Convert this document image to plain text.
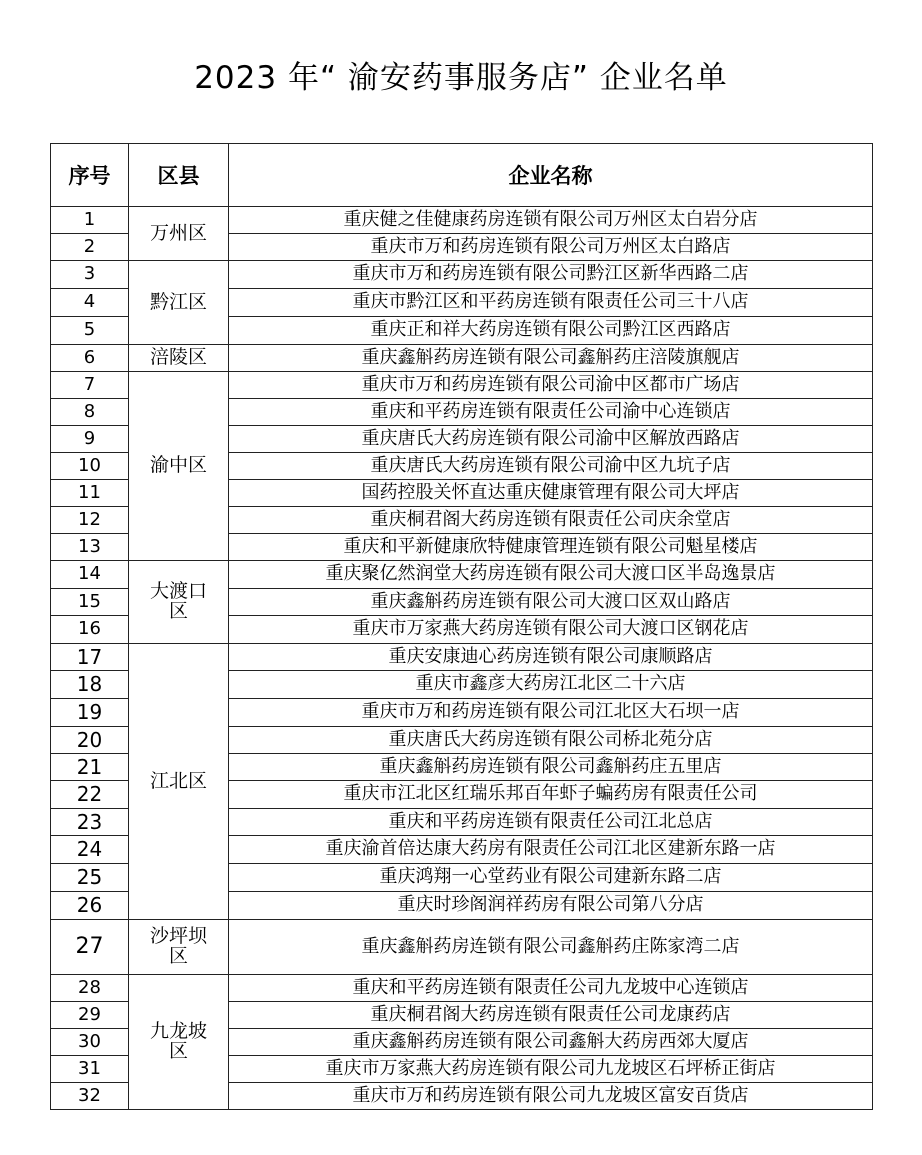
2023 年“ 渝安药事服务店” 企业名单
序号	区县	企业名称
1	万州区	重庆健之佳健康药房连锁有限公司万州区太白岩分店
2		重庆市万和药房连锁有限公司万州区太白路店
3	黔江区	重庆市万和药房连锁有限公司黔江区新华西路二店
4		重庆市黔江区和平药房连锁有限责任公司三十八店
5		重庆正和祥大药房连锁有限公司黔江区西路店
6	涪陵区	重庆鑫斛药房连锁有限公司鑫斛药庄涪陵旗舰店
7	渝中区	重庆市万和药房连锁有限公司渝中区都市广场店
8		重庆和平药房连锁有限责任公司渝中心连锁店
9		重庆唐氏大药房连锁有限公司渝中区解放西路店
10		重庆唐氏大药房连锁有限公司渝中区九坑子店
11		国药控股关怀直达重庆健康管理有限公司大坪店
12		重庆桐君阁大药房连锁有限责任公司庆余堂店
13		重庆和平新健康欣特健康管理连锁有限公司魁星楼店
14	大渡口区	重庆聚亿然润堂大药房连锁有限公司大渡口区半岛逸景店
15		重庆鑫斛药房连锁有限公司大渡口区双山路店
16		重庆市万家燕大药房连锁有限公司大渡口区钢花店
17	江北区	重庆安康迪心药房连锁有限公司康顺路店
18		重庆市鑫彦大药房江北区二十六店
19		重庆市万和药房连锁有限公司江北区大石坝一店
20		重庆唐氏大药房连锁有限公司桥北苑分店
21		重庆鑫斛药房连锁有限公司鑫斛药庄五里店
22		重庆市江北区红瑞乐邦百年虾子蝙药房有限责任公司
23		重庆和平药房连锁有限责任公司江北总店
24		重庆渝首倍达康大药房有限责任公司江北区建新东路一店
25		重庆鸿翔一心堂药业有限公司建新东路二店
26		重庆时珍阁润祥药房有限公司第八分店
27	沙坪坝区	重庆鑫斛药房连锁有限公司鑫斛药庄陈家湾二店
28	九龙坡区	重庆和平药房连锁有限责任公司九龙坡中心连锁店
29		重庆桐君阁大药房连锁有限责任公司龙康药店
30		重庆鑫斛药房连锁有限公司鑫斛大药房西郊大厦店
31		重庆市万家燕大药房连锁有限公司九龙坡区石坪桥正街店
32		重庆市万和药房连锁有限公司九龙坡区富安百货店
